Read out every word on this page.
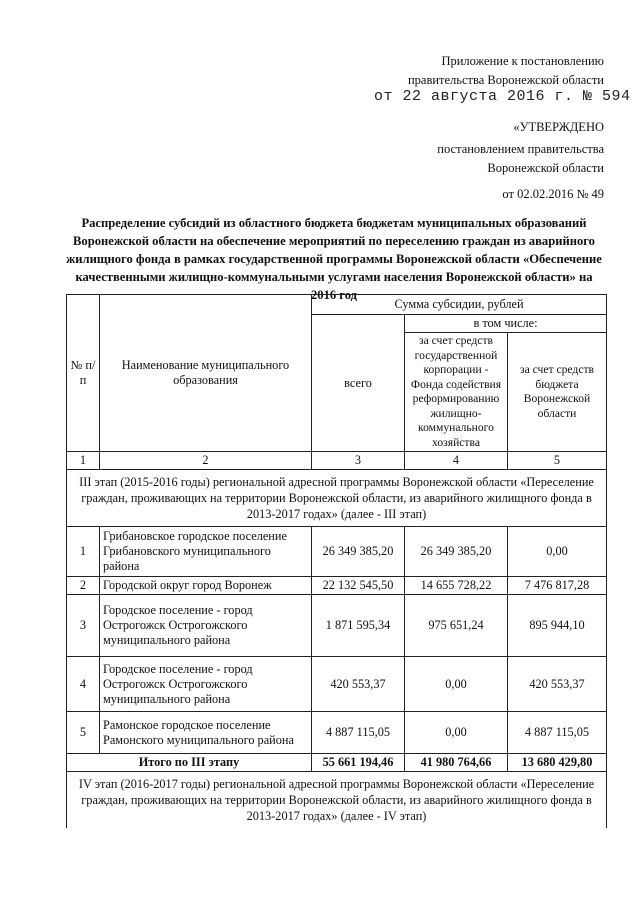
Приложение к постановлению
правительства Воронежской области
от 22 августа 2016 г. № 594
«УТВЕРЖДЕНО
постановлением правительства
Воронежской области
от 02.02.2016 № 49
Распределение субсидий из областного бюджета бюджетам муниципальных образований Воронежской области на обеспечение мероприятий по переселению граждан из аварийного жилищного фонда в рамках государственной программы Воронежской области «Обеспечение качественными жилищно-коммунальными услугами населения Воронежской области» на 2016 год
№ п/п	Наименование муниципального образования	Сумма субсидии, рублей		
		всего	в том числе:	
			за счет средств государственной корпорации - Фонда содействия реформированию жилищно-коммунального хозяйства	за счет средств бюджета Воронежской области
1	2	3	4	5
III этап (2015-2016 годы) региональной адресной программы Воронежской области «Переселение граждан, проживающих на территории Воронежской области, из аварийного жилищного фонда в 2013-2017 годах» (далее - III этап)				
1	Грибановское городское поселение Грибановского муниципального района	26 349 385,20	26 349 385,20	0,00
2	Городской округ город Воронеж	22 132 545,50	14 655 728,22	7 476 817,28
3	Городское поселение - город Острогожск Острогожского муниципального района	1 871 595,34	975 651,24	895 944,10
4	Городское поселение - город Острогожск Острогожского муниципального района	420 553,37	0,00	420 553,37
5	Рамонское городское поселение Рамонского муниципального района	4 887 115,05	0,00	4 887 115,05
Итого по III этапу		55 661 194,46	41 980 764,66	13 680 429,80
IV этап (2016-2017 годы) региональной адресной программы Воронежской области «Переселение граждан, проживающих на территории Воронежской области, из аварийного жилищного фонда в 2013-2017 годах» (далее - IV этап)				
